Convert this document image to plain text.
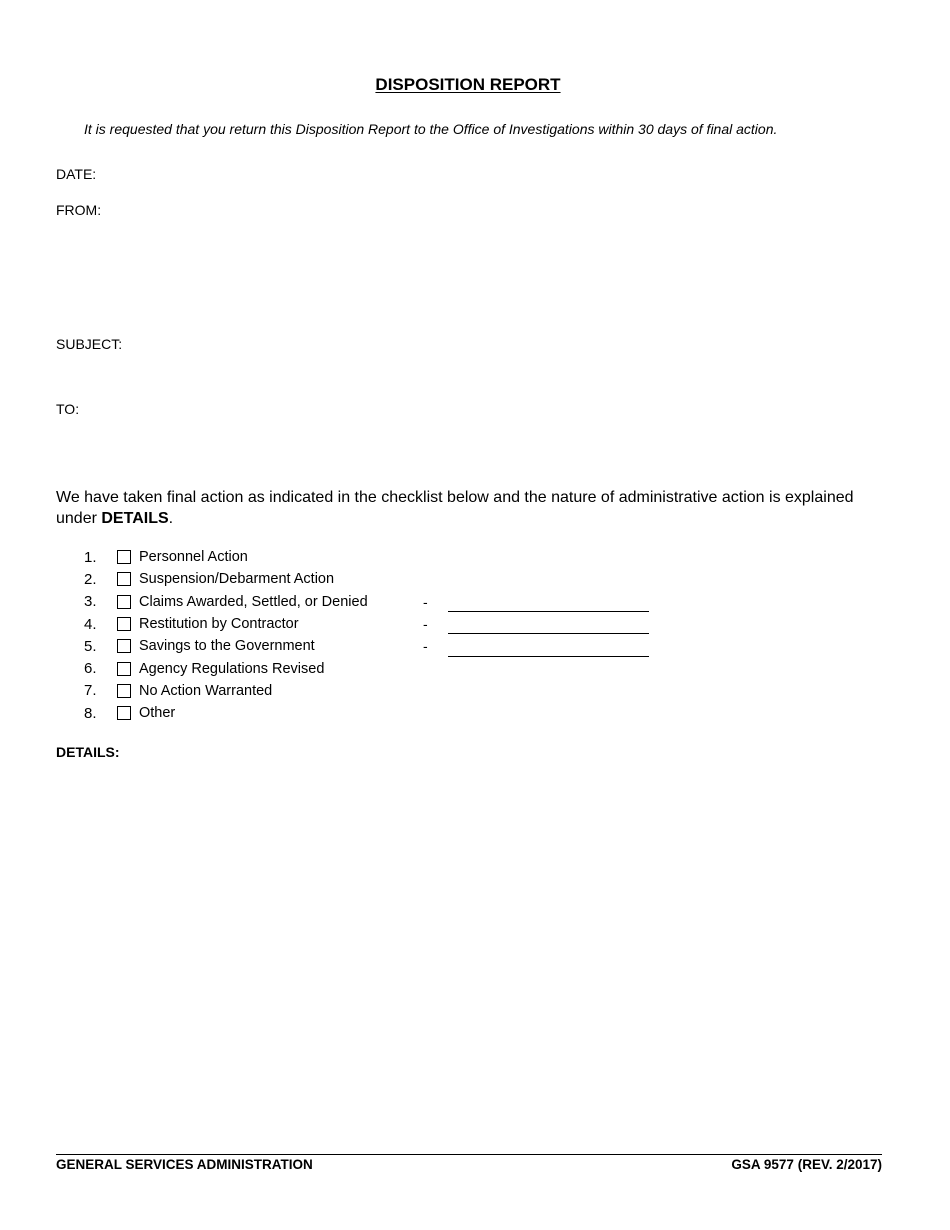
DISPOSITION REPORT
It is requested that you return this Disposition Report to the Office of Investigations within 30 days of final action.
DATE:
FROM:
SUBJECT:
TO:
We have taken final action as indicated in the checklist below and the nature of administrative action is explained under DETAILS.
1.	Personnel Action
2.	Suspension/Debarment Action
3.	Claims Awarded, Settled, or Denied	-
4.	Restitution by Contractor	-
5.	Savings to the Government	-
6.	Agency Regulations Revised
7.	No Action Warranted
8.	Other
DETAILS:
GENERAL SERVICES ADMINISTRATION	GSA 9577 (REV. 2/2017)
